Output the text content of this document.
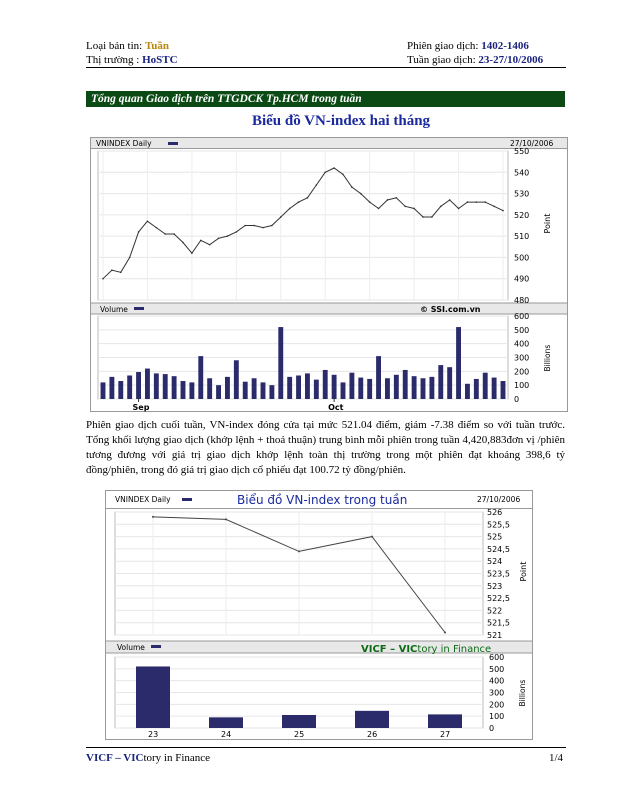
Loại bản tin: Tuần
Thị trường : HoSTC
Phiên giao dịch: 1402-1406
Tuần giao dịch: 23-27/10/2006
Tổng quan Giao dịch trên TTGDCK Tp.HCM trong tuần
Biểu đồ VN-index hai tháng
VNINDEX Daily	27/10/2006
Volume	© SSI.com.vn
550
540
530
520
510
500
490
480
Point
600
500
400
300
200
100
0
Billions
Sep	Oct
Phiên giao dịch cuối tuần, VN-index đóng cửa tại mức 521.04 điểm, giảm -7.38 điểm so với tuần trước. Tổng khối lượng giao dịch (khớp lệnh + thoả thuận) trung bình mỗi phiên trong tuần 4,420,883đơn vị /phiên tương đương với giá trị giao dịch khớp lệnh toàn thị trường trong một phiên đạt khoảng 398,6 tỷ đồng/phiên, trong đó giá trị giao dịch cổ phiếu đạt 100.72 tỷ đồng/phiên.
VNINDEX Daily	Biểu đồ VN-index trong tuần	27/10/2006
Volume
526
525,5
525
524,5
524
523,5
523
522,5
522
521,5
521
Point
VICF – VICtory in Finance
600
500
400
300
200
100
0
Billions
23	24	25	26	27
VICF – VICtory in Finance	1/4
